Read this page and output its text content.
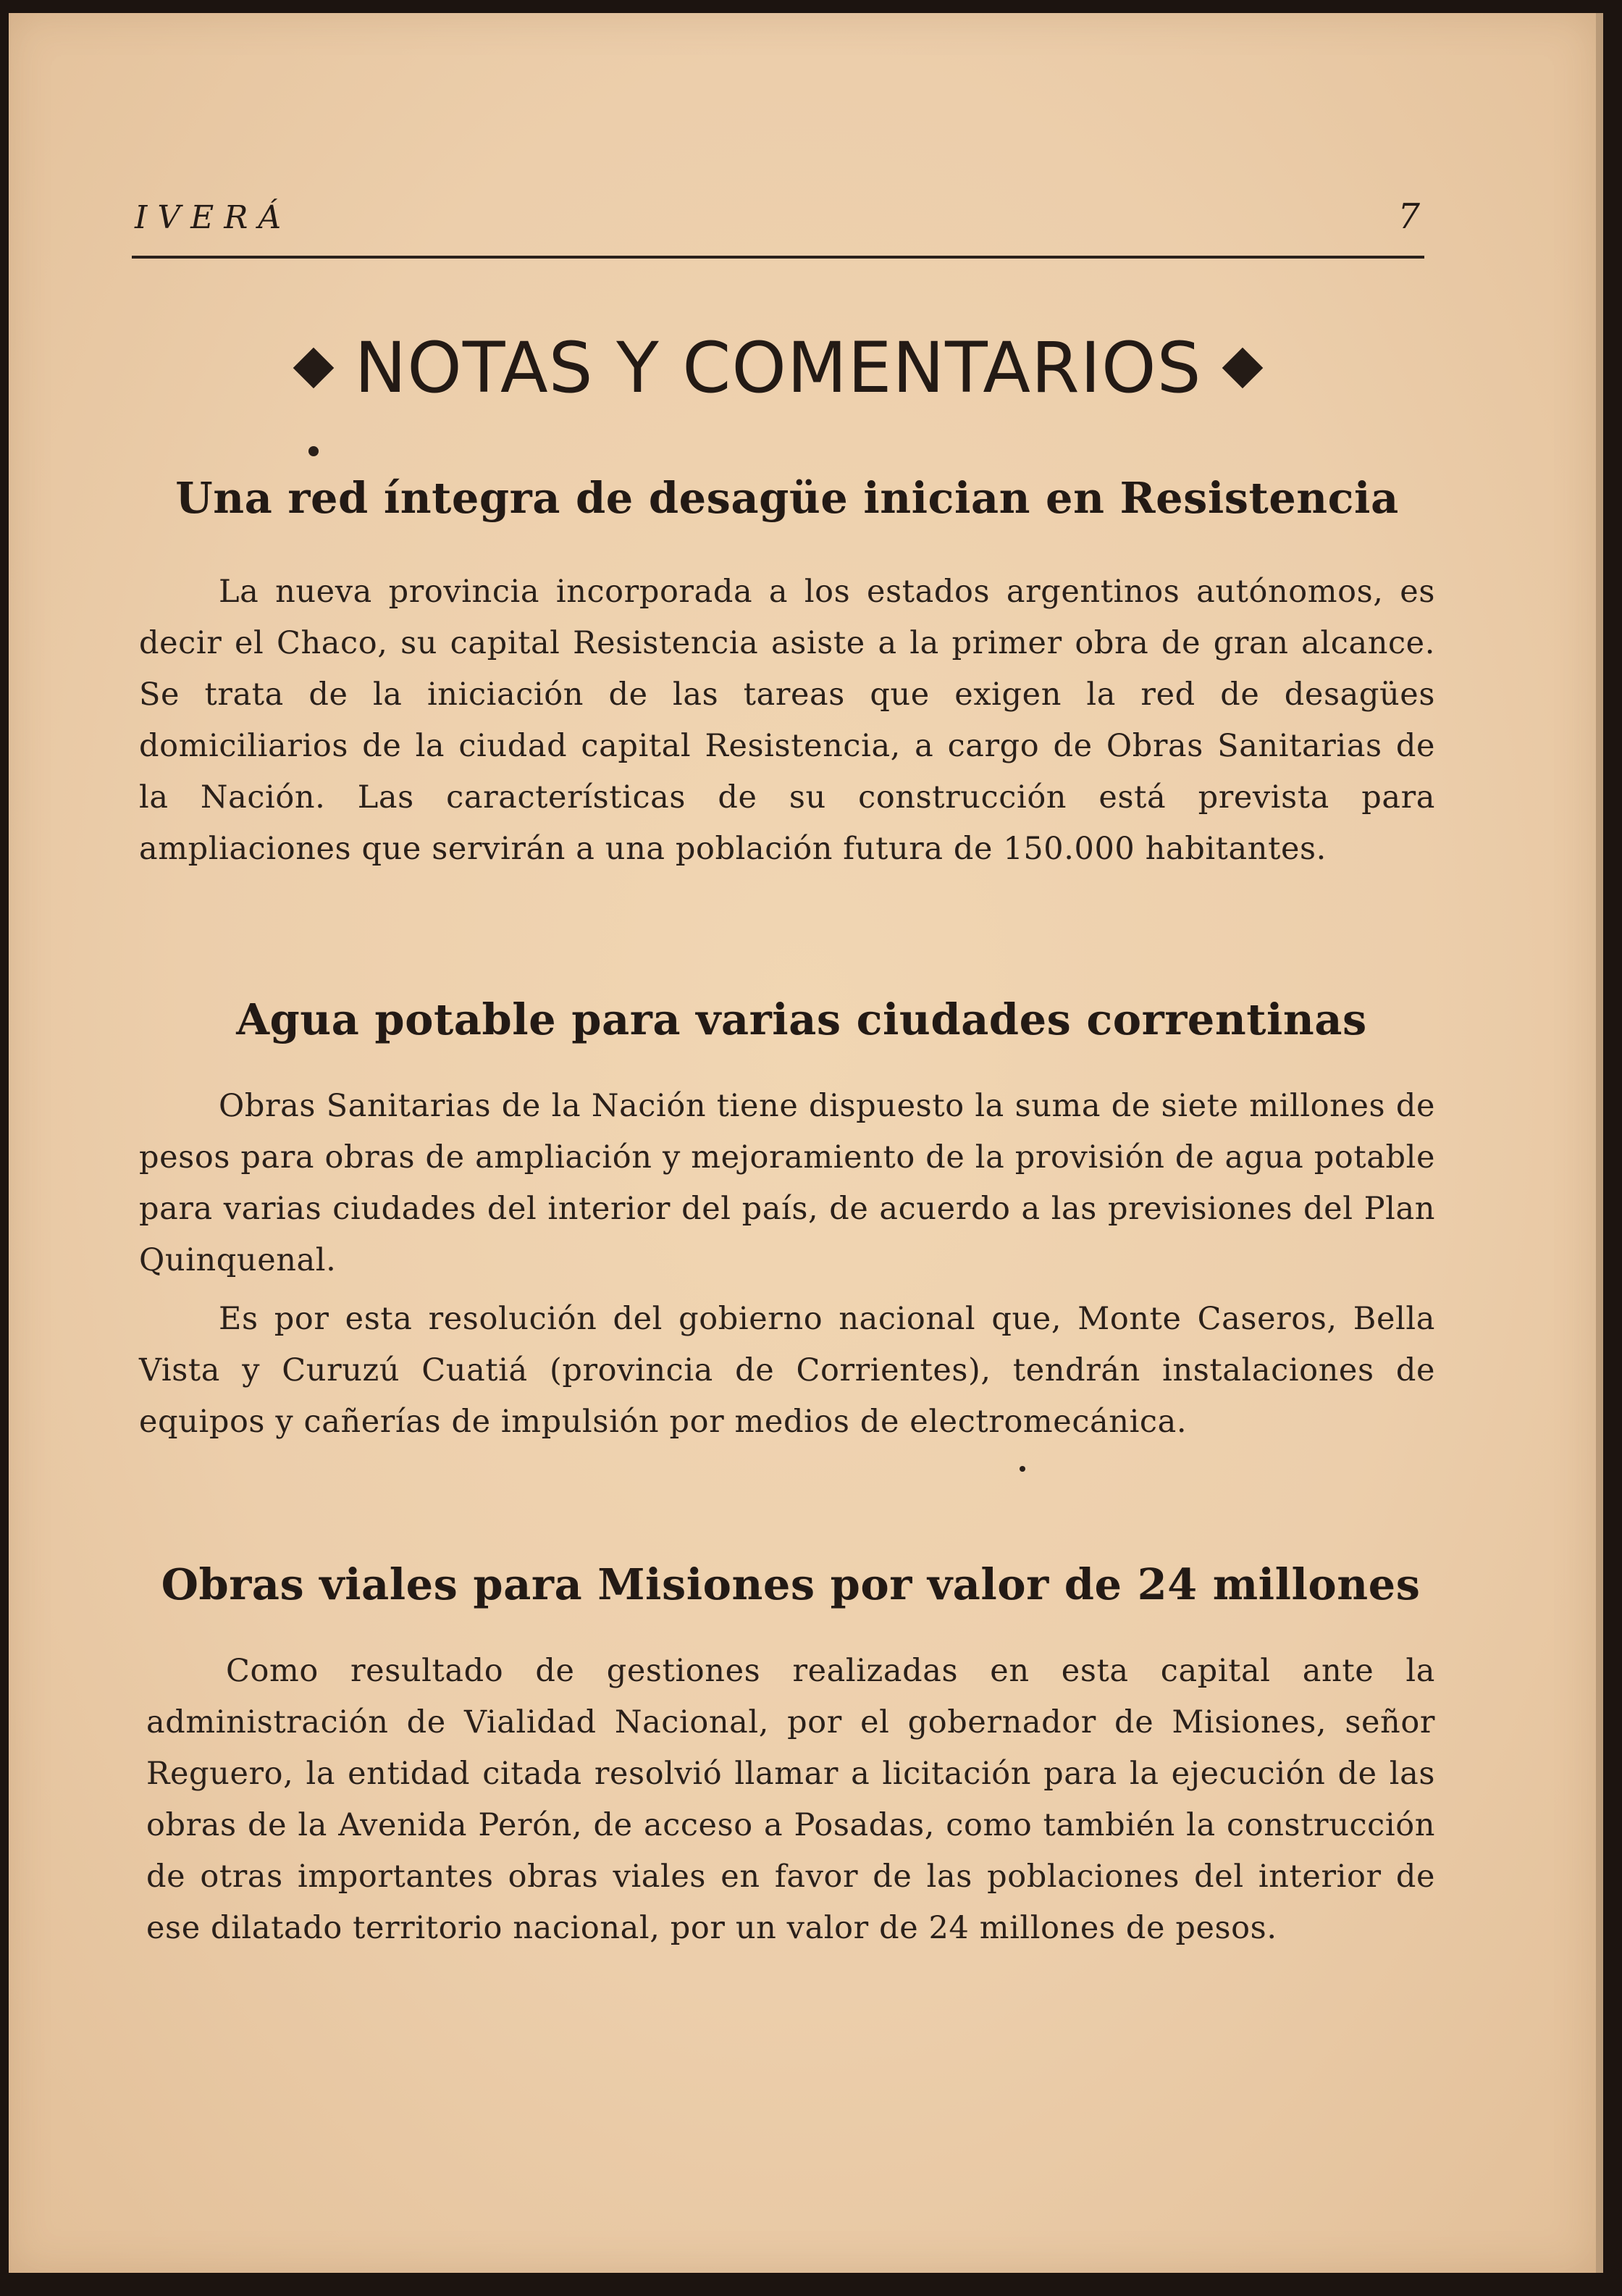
IVERÁ	7
NOTAS Y COMENTARIOS
Una red íntegra de desagüe inician en Resistencia

La nueva provincia incorporada a los estados argentinos autónomos, es decir el Chaco, su capital Resistencia asiste a la primer obra de gran alcance. Se trata de la iniciación de las tareas que exigen la red de desagües domiciliarios de la ciudad capital Resistencia, a cargo de Obras Sanitarias de la Nación. Las características de su construcción está prevista para ampliaciones que servirán a una población futura de 150.000 habitantes.

Agua potable para varias ciudades correntinas

Obras Sanitarias de la Nación tiene dispuesto la suma de siete millones de pesos para obras de ampliación y mejoramiento de la provisión de agua potable para varias ciudades del interior del país, de acuerdo a las previsiones del Plan Quinquenal.

Es por esta resolución del gobierno nacional que, Monte Caseros, Bella Vista y Curuzú Cuatiá (provincia de Corrientes), tendrán instalaciones de equipos y cañerías de impulsión por medios de electromecánica.

Obras viales para Misiones por valor de 24 millones

Como resultado de gestiones realizadas en esta capital ante la administración de Vialidad Nacional, por el gobernador de Misiones, señor Reguero, la entidad citada resolvió llamar a licitación para la ejecución de las obras de la Avenida Perón, de acceso a Posadas, como también la construcción de otras importantes obras viales en favor de las poblaciones del interior de ese dilatado territorio nacional, por un valor de 24 millones de pesos.
